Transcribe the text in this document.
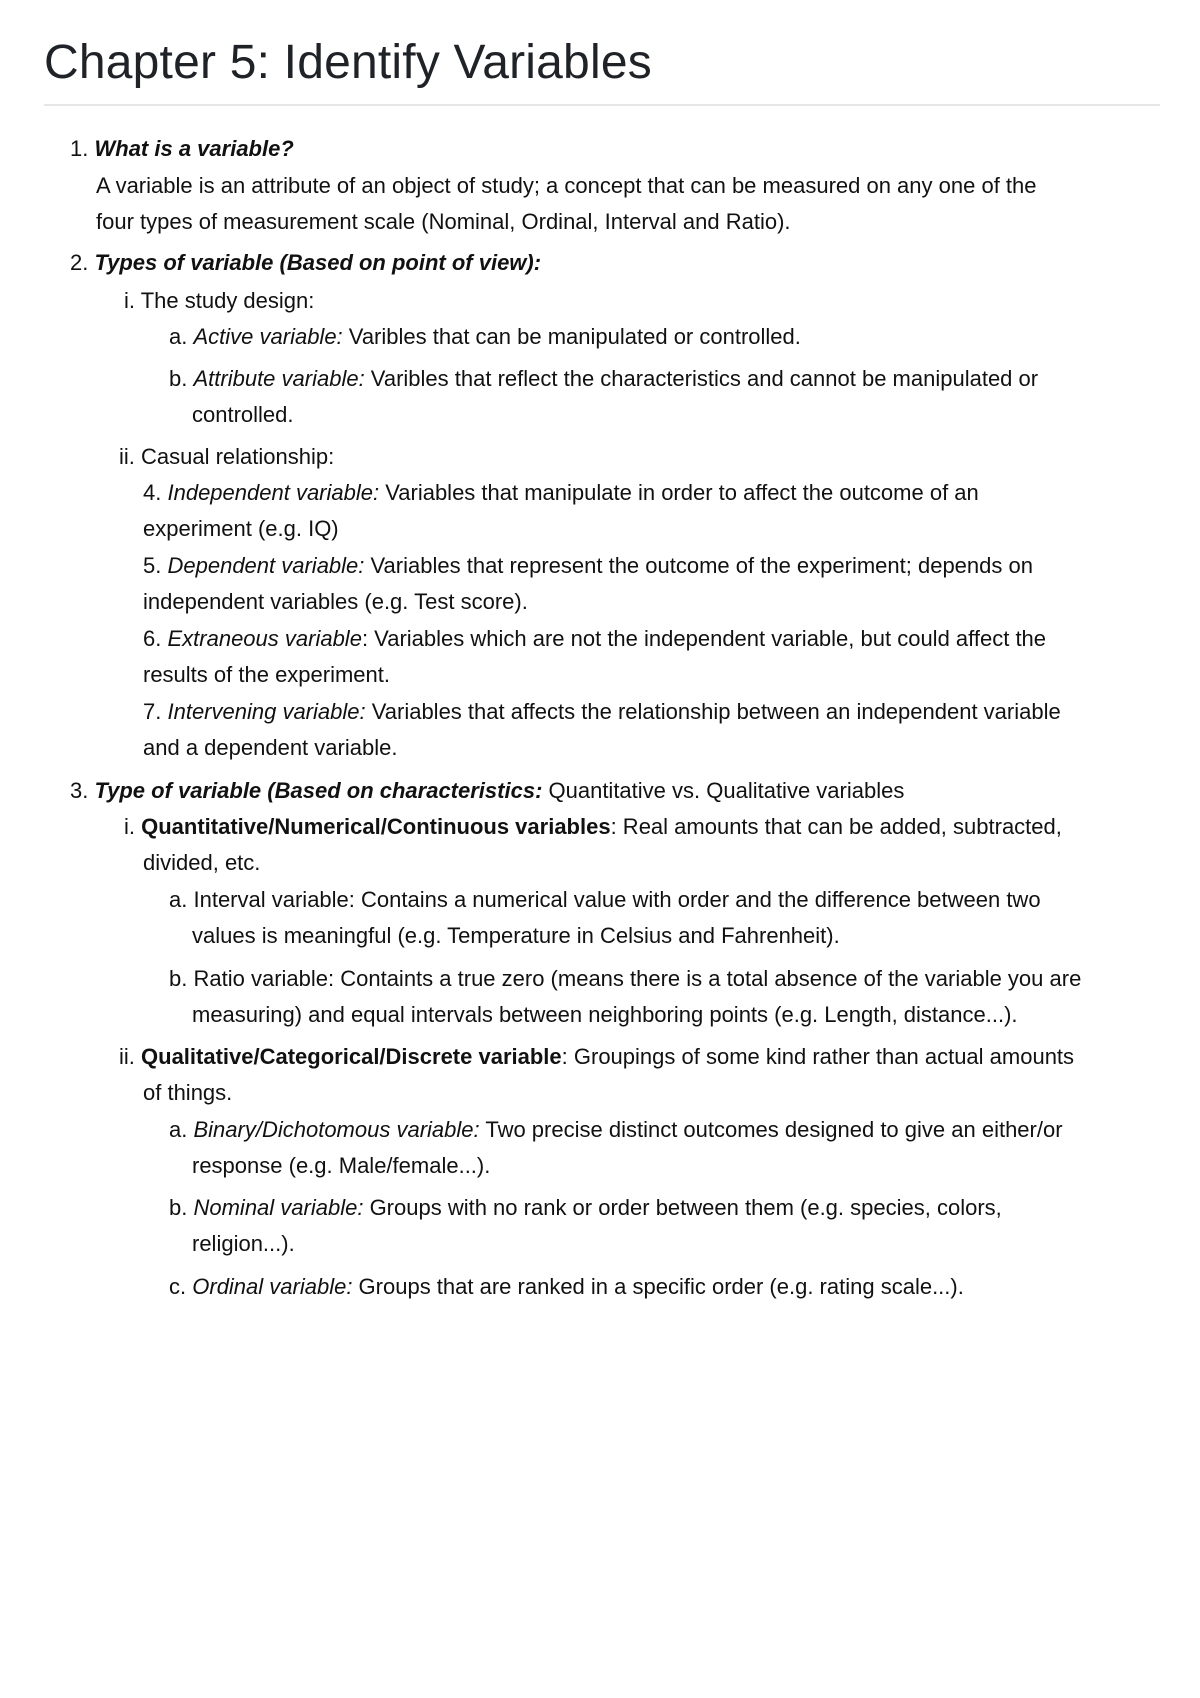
Chapter 5: Identify Variables
1. What is a variable?
A variable is an attribute of an object of study; a concept that can be measured on any one of the
four types of measurement scale (Nominal, Ordinal, Interval and Ratio).
2. Types of variable (Based on point of view):
i. The study design:
a. Active variable: Varibles that can be manipulated or controlled.
b. Attribute variable: Varibles that reflect the characteristics and cannot be manipulated or
controlled.
ii. Casual relationship:
4. Independent variable: Variables that manipulate in order to affect the outcome of an
experiment (e.g. IQ)
5. Dependent variable: Variables that represent the outcome of the experiment; depends on
independent variables (e.g. Test score).
6. Extraneous variable: Variables which are not the independent variable, but could affect the
results of the experiment.
7. Intervening variable: Variables that affects the relationship between an independent variable
and a dependent variable.
3. Type of variable (Based on characteristics: Quantitative vs. Qualitative variables
i. Quantitative/Numerical/Continuous variables: Real amounts that can be added, subtracted,
divided, etc.
a. Interval variable: Contains a numerical value with order and the difference between two
values is meaningful (e.g. Temperature in Celsius and Fahrenheit).
b. Ratio variable: Containts a true zero (means there is a total absence of the variable you are
measuring) and equal intervals between neighboring points (e.g. Length, distance...).
ii. Qualitative/Categorical/Discrete variable: Groupings of some kind rather than actual amounts
of things.
a. Binary/Dichotomous variable: Two precise distinct outcomes designed to give an either/or
response (e.g. Male/female...).
b. Nominal variable: Groups with no rank or order between them (e.g. species, colors,
religion...).
c. Ordinal variable: Groups that are ranked in a specific order (e.g. rating scale...).
